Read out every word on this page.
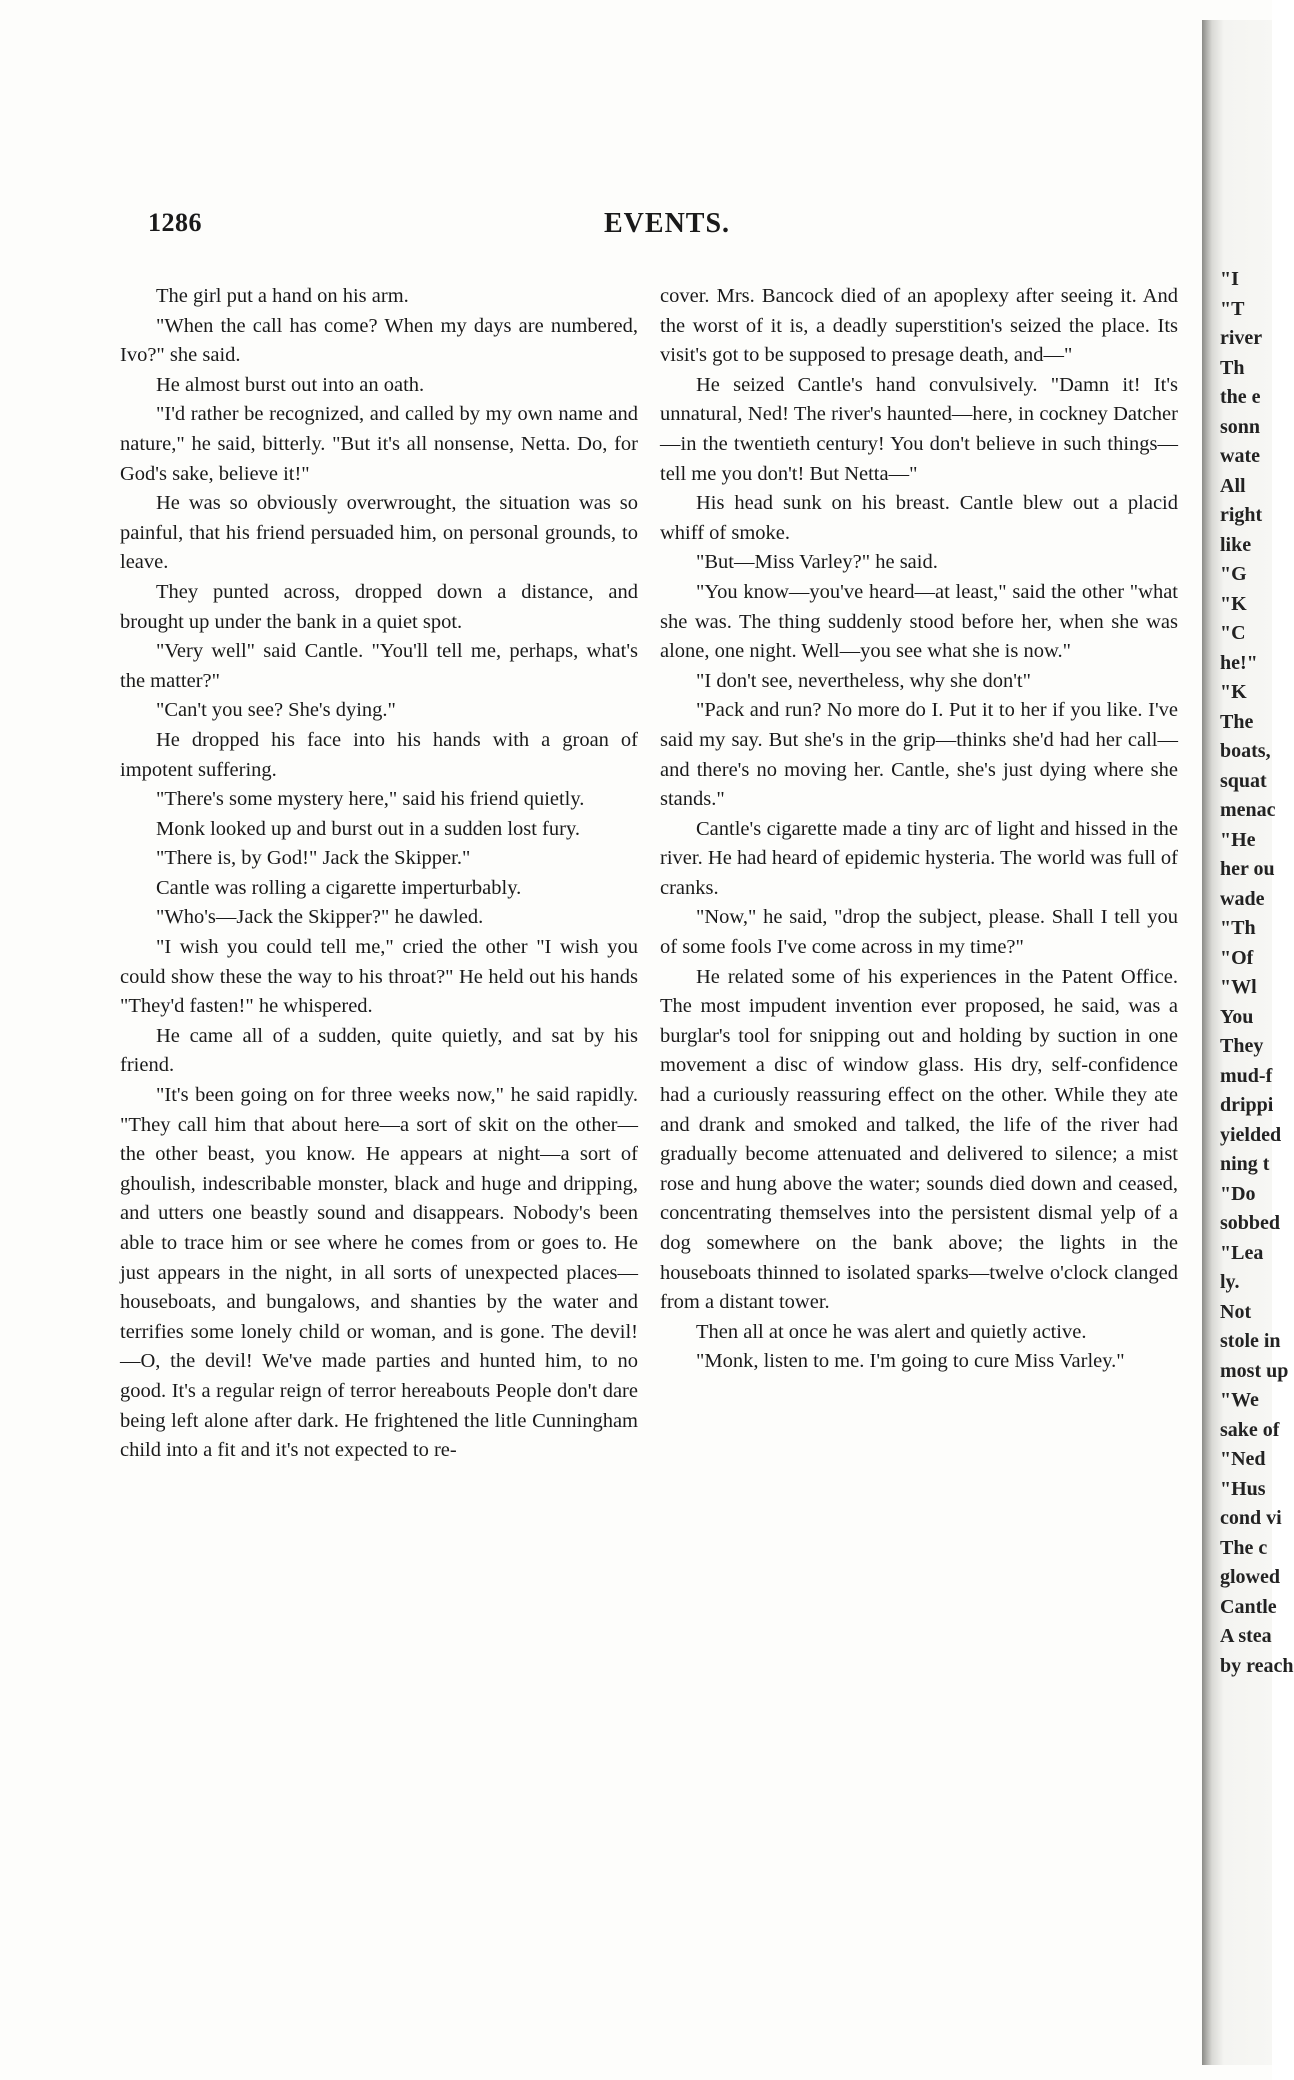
1286	EVENTS.

The girl put a hand on his arm.

"When the call has come? When my days are numbered, Ivo?" she said.

He almost burst out into an oath.

"I'd rather be recognized, and called by my own name and nature," he said, bitterly. "But it's all nonsense, Netta. Do, for God's sake, believe it!"

He was so obviously overwrought, the situation was so painful, that his friend persuaded him, on personal grounds, to leave.

They punted across, dropped down a distance, and brought up under the bank in a quiet spot.

"Very well" said Cantle. "You'll tell me, perhaps, what's the matter?"

"Can't you see? She's dying."

He dropped his face into his hands with a groan of impotent suffering.

"There's some mystery here," said his friend quietly.

Monk looked up and burst out in a sudden lost fury.

"There is, by God!" Jack the Skipper."

Cantle was rolling a cigarette imperturbably.

"Who's—Jack the Skipper?" he dawled.

"I wish you could tell me," cried the other "I wish you could show these the way to his throat?" He held out his hands "They'd fasten!" he whispered.

He came all of a sudden, quite quietly, and sat by his friend.

"It's been going on for three weeks now," he said rapidly. "They call him that about here—a sort of skit on the other—the other beast, you know. He appears at night—a sort of ghoulish, indescribable monster, black and huge and dripping, and utters one beastly sound and disappears. Nobody's been able to trace him or see where he comes from or goes to. He just appears in the night, in all sorts of unexpected places—houseboats, and bungalows, and shanties by the water and terrifies some lonely child or woman, and is gone. The devil!—O, the devil! We've made parties and hunted him, to no good. It's a regular reign of terror hereabouts People don't dare being left alone after dark. He frightened the litle Cunningham child into a fit and it's not expected to re-

cover. Mrs. Bancock died of an apoplexy after seeing it. And the worst of it is, a deadly superstition's seized the place. Its visit's got to be supposed to presage death, and—"

He seized Cantle's hand convulsively. "Damn it! It's unnatural, Ned! The river's haunted—here, in cockney Datcher—in the twentieth century! You don't believe in such things—tell me you don't! But Netta—"

His head sunk on his breast. Cantle blew out a placid whiff of smoke.

"But—Miss Varley?" he said.

"You know—you've heard—at least," said the other "what she was. The thing suddenly stood before her, when she was alone, one night. Well—you see what she is now."

"I don't see, nevertheless, why she don't"

"Pack and run? No more do I. Put it to her if you like. I've said my say. But she's in the grip—thinks she'd had her call—and there's no moving her. Cantle, she's just dying where she stands."

Cantle's cigarette made a tiny arc of light and hissed in the river. He had heard of epidemic hysteria. The world was full of cranks.

"Now," he said, "drop the subject, please. Shall I tell you of some fools I've come across in my time?"

He related some of his experiences in the Patent Office. The most impudent invention ever proposed, he said, was a burglar's tool for snipping out and holding by suction in one movement a disc of window glass. His dry, self-confidence had a curiously reassuring effect on the other. While they ate and drank and smoked and talked, the life of the river had gradually become attenuated and delivered to silence; a mist rose and hung above the water; sounds died down and ceased, concentrating themselves into the persistent dismal yelp of a dog somewhere on the bank above; the lights in the houseboats thinned to isolated sparks—twelve o'clock clanged from a distant tower.

Then all at once he was alert and quietly active.

"Monk, listen to me. I'm going to cure Miss Varley."

"I
"T
river
Th
the e
sonn
wate
All
right
like
"G
"K
"C
he!"
"K
The
boats,
squat
menac
"He
her ou
wade
"Th
"Of
"Wl
You
They
mud-f
drippi
yielded
ning t
"Do
sobbed
"Lea
ly.
Not
stole in
most up
"We
sake of
"Ned
"Hus
cond vi
The c
glowed
Cantle
A stea
by reach
